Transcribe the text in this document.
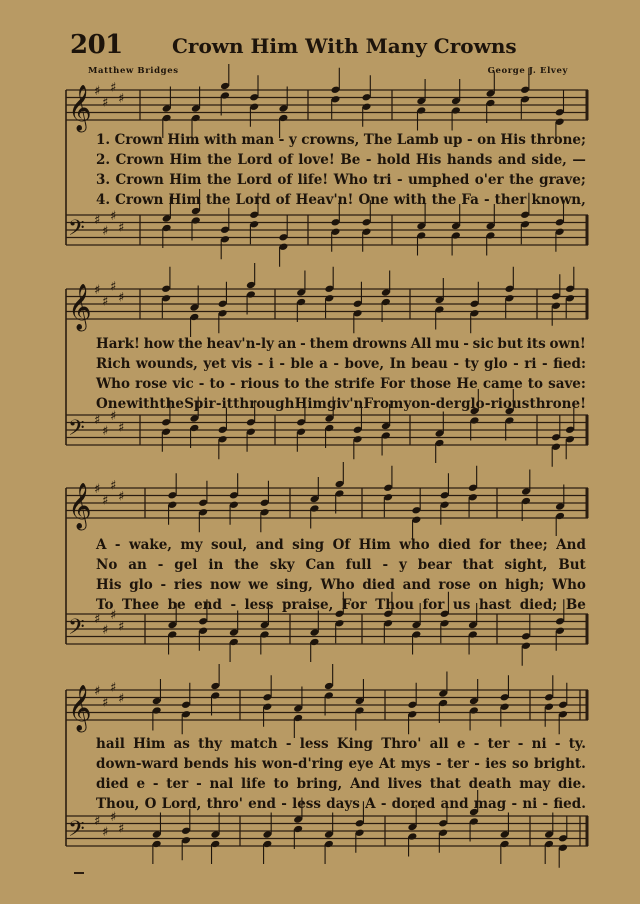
201 Crown Him With Many Crowns
Matthew Bridges	George J. Elvey
𝄞 ♯
♯
♯
♯
𝄢 ♯
♯
♯
♯
1. Crown Him with man - y crowns, The Lamb up - on His throne;
2. Crown Him the Lord of love! Be - hold His hands and side, —
3. Crown Him the Lord of life! Who tri - umphed o'er the grave;
4. Crown Him the Lord of Heav'n! One with the Fa - ther known,
𝄞 ♯
♯
♯
♯
𝄢 ♯
♯
♯
♯
Hark! how the heav'n-ly an - them drowns All mu - sic but its own!
Rich wounds, yet vis - i - ble a - bove, In beau - ty glo - ri - fied:
Who rose vic - to - rious to the strife For those He came to save:
One with the Spir - it through Him giv'n From yon-der glo - rious throne!
𝄞 ♯
♯
♯
♯
𝄢 ♯
♯
♯
♯
A - wake, my soul, and sing Of Him who died for thee; And
No an - gel in the sky Can full - y bear that sight, But
His glo - ries now we sing, Who died and rose on high; Who
To Thee be end - less praise, For Thou for us hast died; Be
𝄞 ♯
♯
♯
♯
𝄢 ♯
♯
♯
♯
hail Him as thy match - less King Thro' all e - ter - ni - ty.
down-ward bends his won-d'ring eye At mys - ter - ies so bright.
died e - ter - nal life to bring, And lives that death may die.
Thou, O Lord, thro' end - less days A - dored and mag - ni - fied.
